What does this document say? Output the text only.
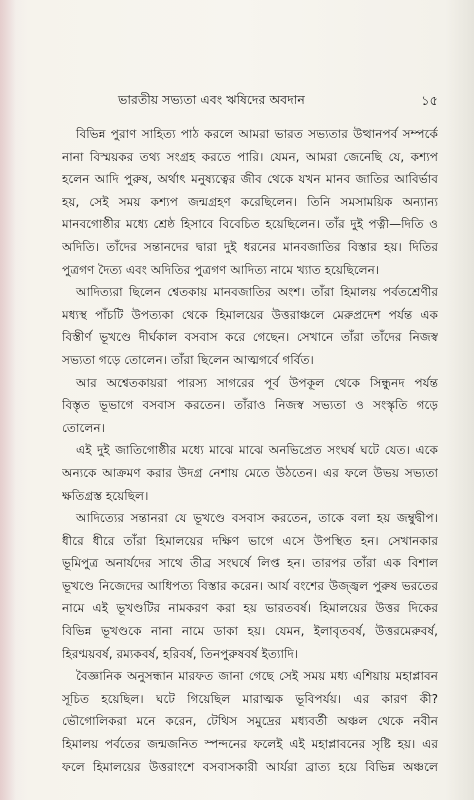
ভারতীয় সভ্যতা এবং ঋষিদের অবদান	১৫

বিভিন্ন পুরাণ সাহিত্য পাঠ করলে আমরা ভারত সভ্যতার উত্থানপর্ব সম্পর্কে
নানা বিস্ময়কর তথ্য সংগ্রহ করতে পারি। যেমন, আমরা জেনেছি যে, কশ্যপ
হলেন আদি পুরুষ, অর্থাৎ মনুষ্যত্বের জীব থেকে যখন মানব জাতির আবির্ভাব
হয়, সেই সময় কশ্যপ জন্মগ্রহণ করেছিলেন। তিনি সমসাময়িক অন্যান্য
মানবগোষ্ঠীর মধ্যে শ্রেষ্ঠ হিসাবে বিবেচিত হয়েছিলেন। তাঁর দুই পত্নী—দিতি ও
অদিতি। তাঁদের সন্তানদের দ্বারা দুই ধরনের মানবজাতির বিস্তার হয়। দিতির
পুত্রগণ দৈত্য এবং অদিতির পুত্রগণ আদিত্য নামে খ্যাত হয়েছিলেন।

আদিত্যরা ছিলেন শ্বেতকায় মানবজাতির অংশ। তাঁরা হিমালয় পর্বতশ্রেণীর
মধ্যস্থ পাঁচটি উপত্যকা থেকে হিমালয়ের উত্তরাঞ্চলে মেরুপ্রদেশ পর্যন্ত এক
বিস্তীর্ণ ভূখণ্ডে দীর্ঘকাল বসবাস করে গেছেন। সেখানে তাঁরা তাঁদের নিজস্ব
সভ্যতা গড়ে তোলেন। তাঁরা ছিলেন আত্মগর্বে গর্বিত।

আর অশ্বেতকায়রা পারস্য সাগরের পূর্ব উপকূল থেকে সিন্ধুনদ পর্যন্ত
বিস্তৃত ভূভাগে বসবাস করতেন। তাঁরাও নিজস্ব সভ্যতা ও সংস্কৃতি গড়ে
তোলেন।

এই দুই জাতিগোষ্ঠীর মধ্যে মাঝে মাঝে অনভিপ্রেত সংঘর্ষ ঘটে যেত। একে
অন্যকে আক্রমণ করার উদগ্র নেশায় মেতে উঠতেন। এর ফলে উভয় সভ্যতা
ক্ষতিগ্রস্ত হয়েছিল।

আদিত্যের সন্তানরা যে ভূখণ্ডে বসবাস করতেন, তাকে বলা হয় জম্বুদ্বীপ।
ধীরে ধীরে তাঁরা হিমালয়ের দক্ষিণ ভাগে এসে উপস্থিত হন। সেখানকার
ভূমিপুত্র অনার্যদের সাথে তীব্র সংঘর্ষে লিপ্ত হন। তারপর তাঁরা এক বিশাল
ভূখণ্ডে নিজেদের আধিপত্য বিস্তার করেন। আর্য বংশের উজ্জ্বল পুরুষ ভরতের
নামে এই ভূখণ্ডটির নামকরণ করা হয় ভারতবর্ষ। হিমালয়ের উত্তর দিকের
বিভিন্ন ভূখণ্ডকে নানা নামে ডাকা হয়। যেমন, ইলাবৃতবর্ষ, উত্তরমেরুবর্ষ,
হিরণ্ময়বর্ষ, রম্যকবর্ষ, হরিবর্ষ, তিনপুরুষবর্ষ ইত্যাদি।

বৈজ্ঞানিক অনুসন্ধান মারফত জানা গেছে সেই সময় মধ্য এশিয়ায় মহাপ্লাবন
সূচিত হয়েছিল। ঘটে গিয়েছিল মারাত্মক ভূবিপর্যয়। এর কারণ কী?
ভৌগোলিকরা মনে করেন, টেথিস সমুদ্রের মধ্যবর্তী অঞ্চল থেকে নবীন
হিমালয় পর্বতের জন্মজনিত স্পন্দনের ফলেই এই মহাপ্লাবনের সৃষ্টি হয়। এর
ফলে হিমালয়ের উত্তরাংশে বসবাসকারী আর্যরা ব্রাত্য হয়ে বিভিন্ন অঞ্চলে
